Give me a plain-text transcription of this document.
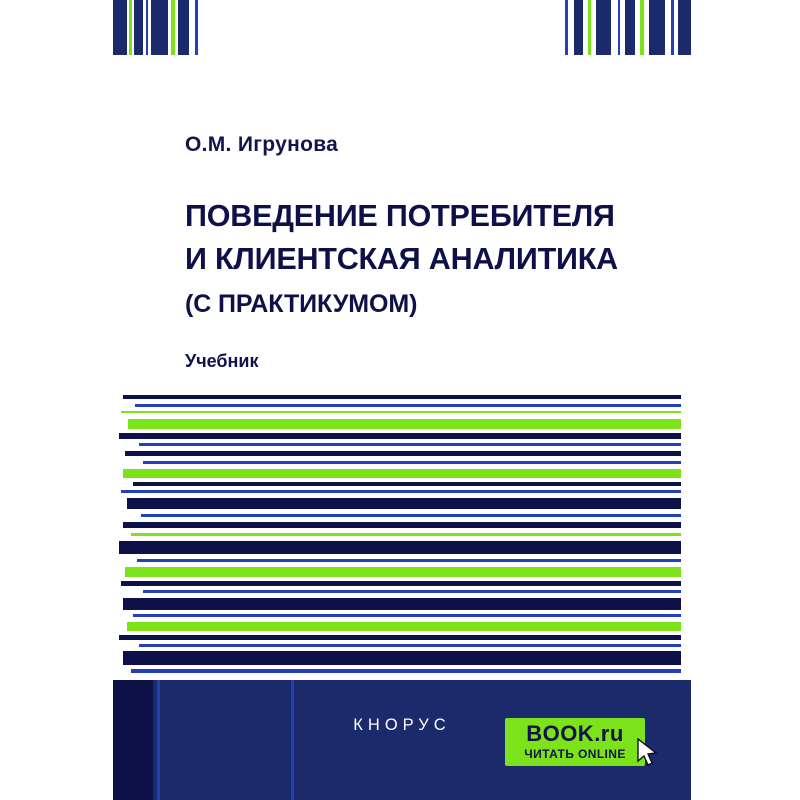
О.М. Игрунова
ПОВЕДЕНИЕ ПОТРЕБИТЕЛЯ
И КЛИЕНТСКАЯ АНАЛИТИКА
(С ПРАКТИКУМОМ)
Учебник
КНОРУС	BOOK.ru
ЧИТАТЬ ONLINE
